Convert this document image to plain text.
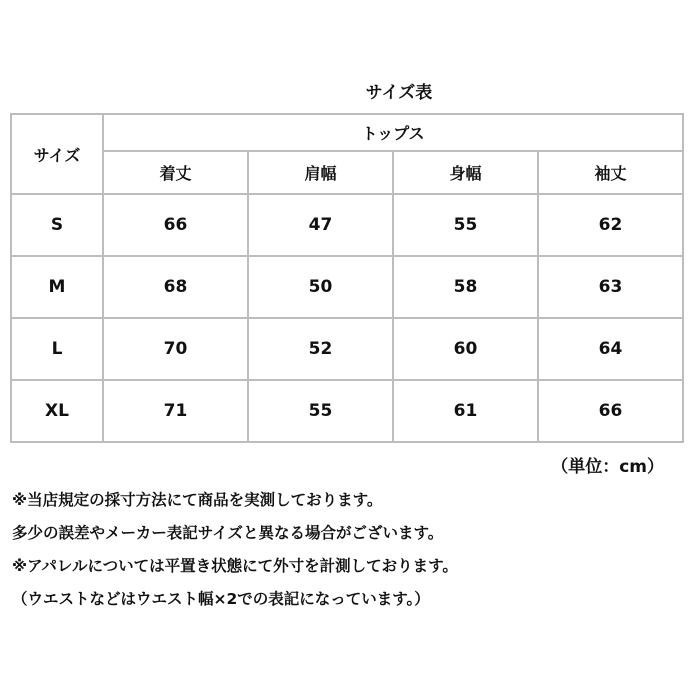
サイズ表
サイズ	トップス			
	着丈	肩幅	身幅	袖丈
S	66	47	55	62
M	68	50	58	63
L	70	52	60	64
XL	71	55	61	66
（単位：cm）
※当店規定の採寸方法にて商品を実測しております。
多少の誤差やメーカー表記サイズと異なる場合がございます。
※アパレルについては平置き状態にて外寸を計測しております。
（ウエストなどはウエスト幅×2での表記になっています。）
